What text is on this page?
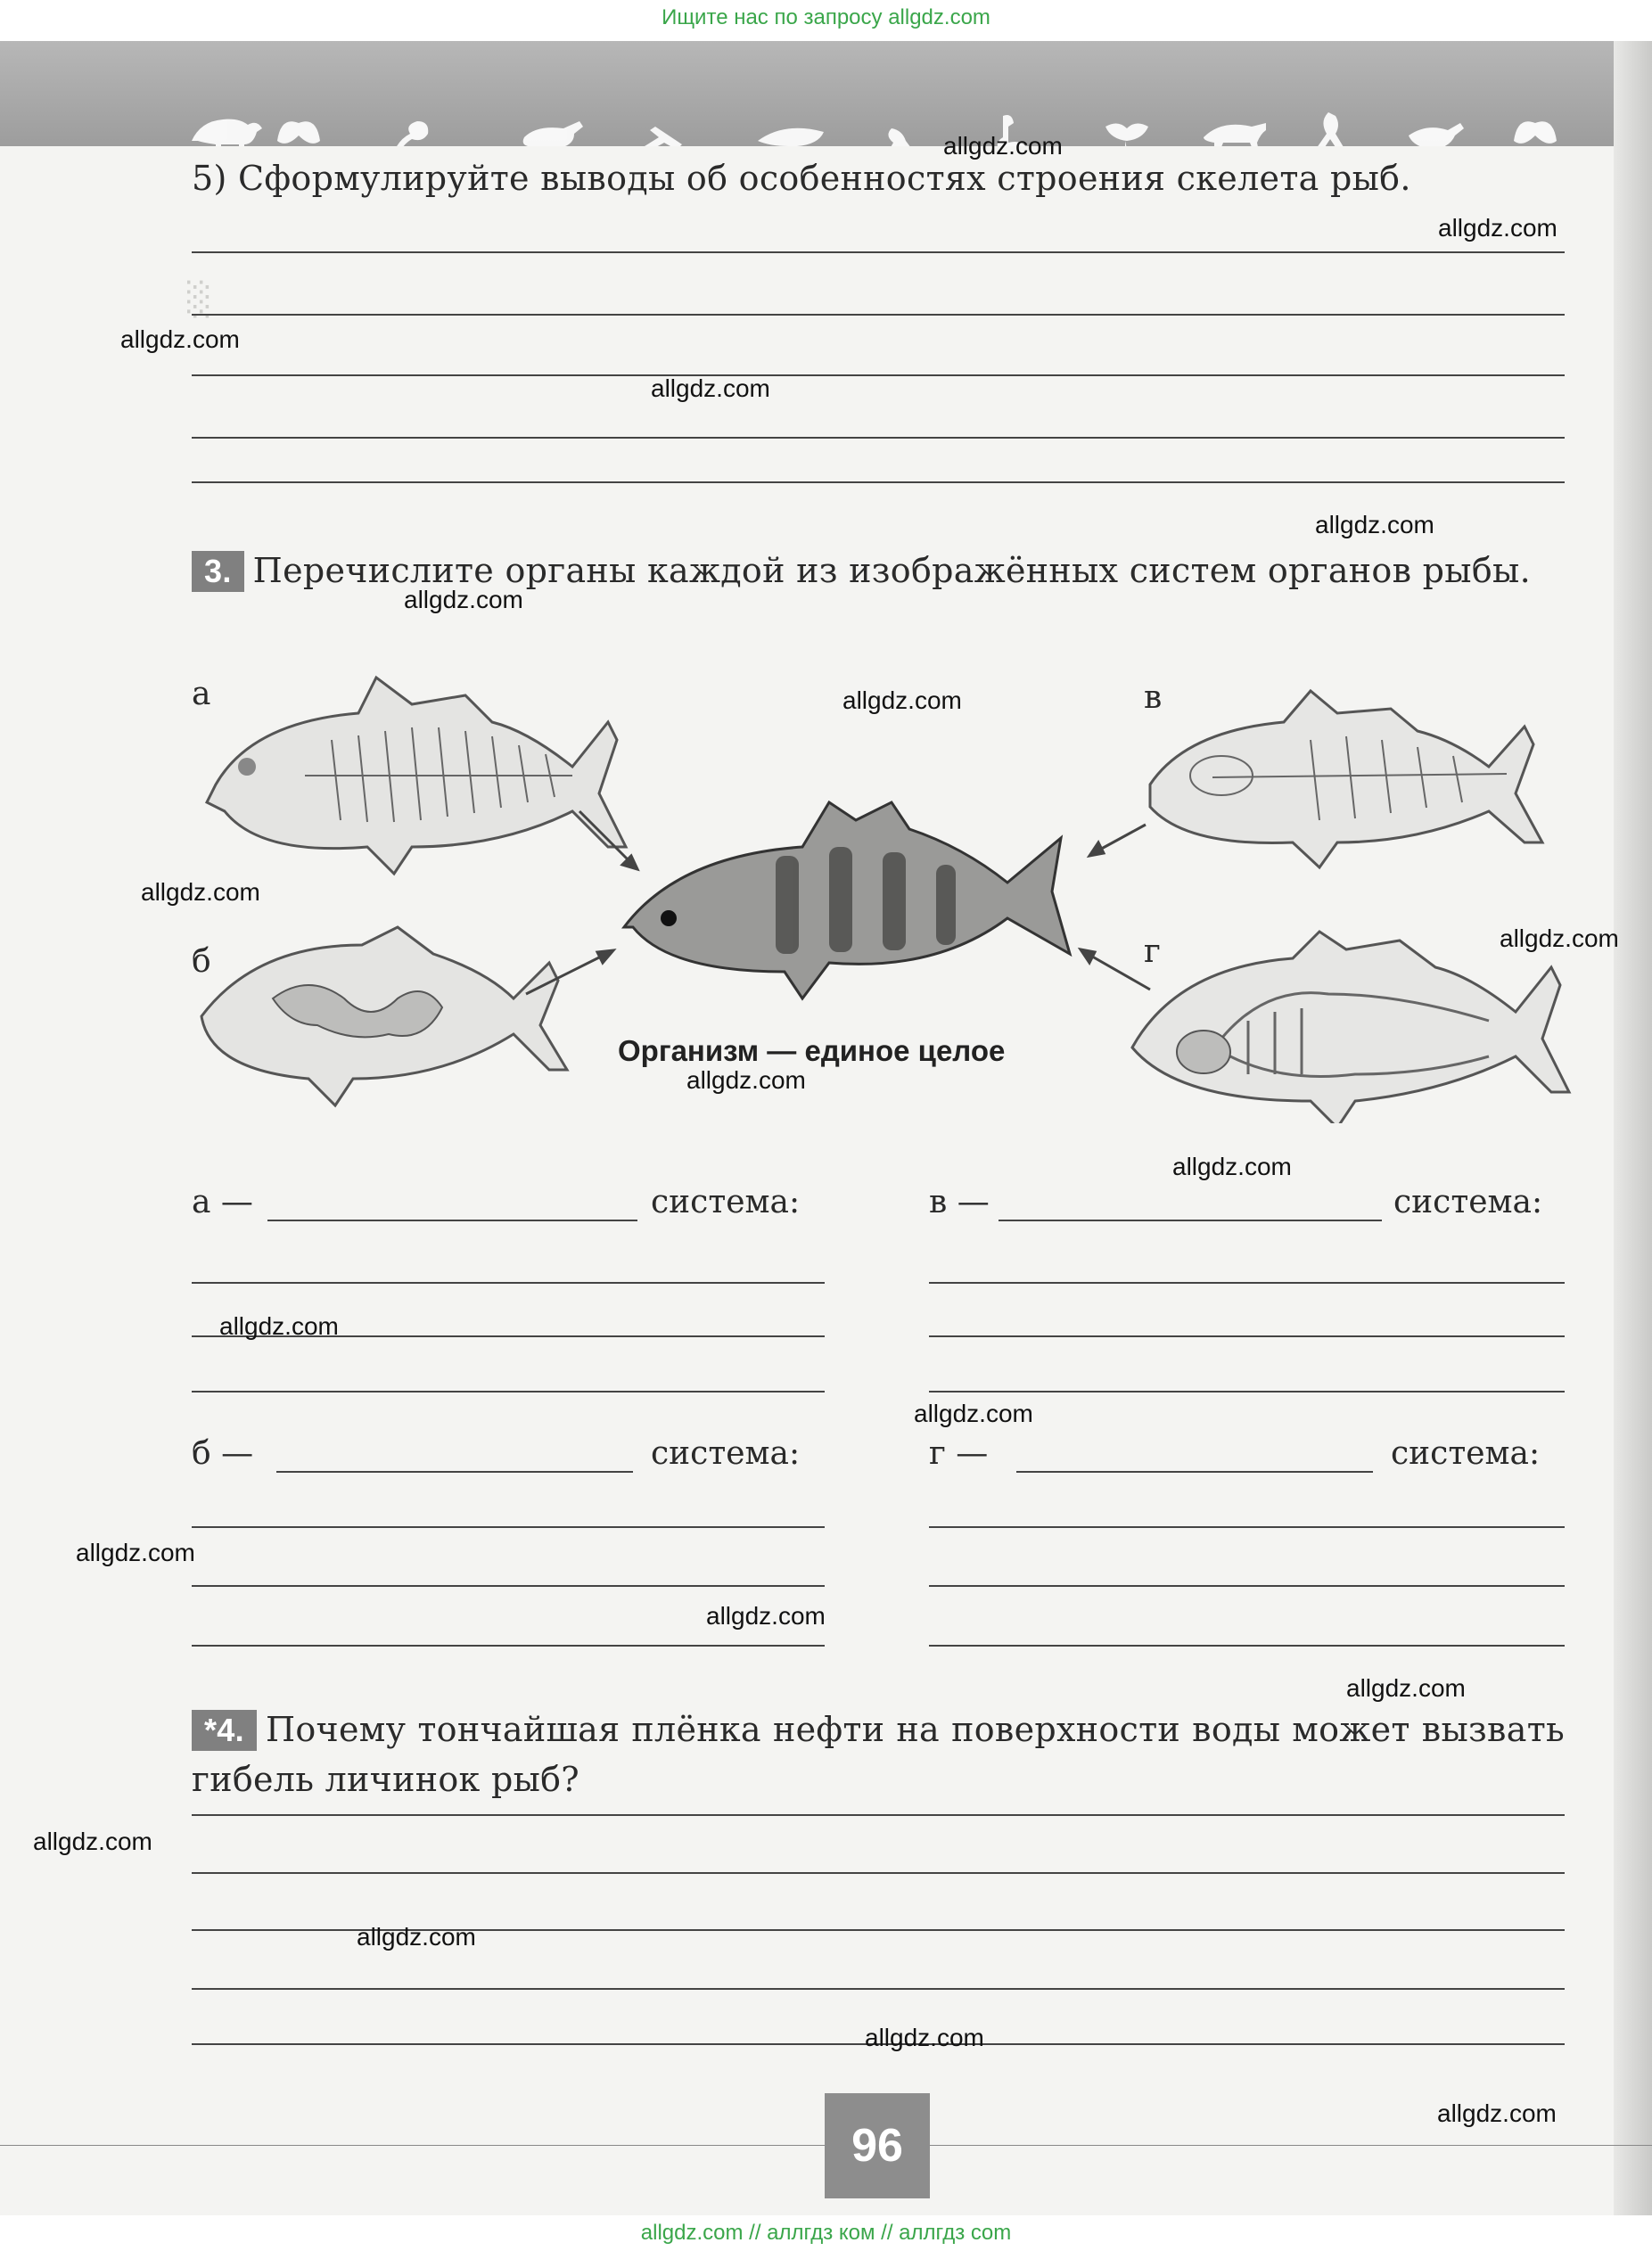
Ищите нас по запросу allgdz.com
░
5) Сформулируйте выводы об особенностях строения скелета рыб.
3. Перечислите органы каждой из изображённых систем органов рыбы.
а	в
б	г
Организм — единое целое
а —	система:	в —	система:
б —	система:	г —	система:
*4. Почему тончайшая плёнка нефти на поверхности воды может вызвать гибель личинок рыб?
96
allgdz.com
allgdz.com
allgdz.com
allgdz.com
allgdz.com
allgdz.com
allgdz.com
allgdz.com
allgdz.com
allgdz.com
allgdz.com
allgdz.com
allgdz.com
allgdz.com
allgdz.com
allgdz.com
allgdz.com
allgdz.com
allgdz.com
allgdz.com
allgdz.com // аллгдз ком // аллгдз com
